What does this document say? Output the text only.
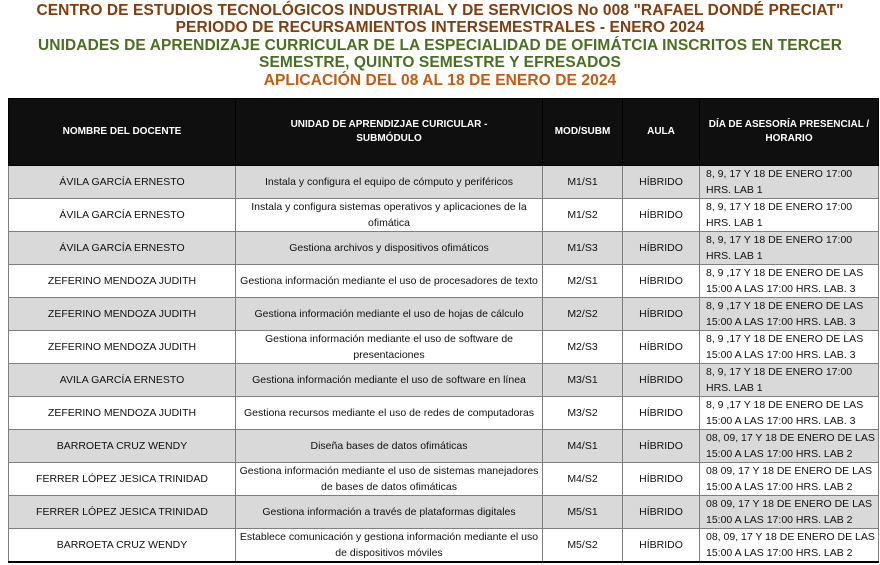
CENTRO DE ESTUDIOS TECNOLÓGICOS INDUSTRIAL Y DE SERVICIOS No 008 "RAFAEL DONDÉ PRECIAT"
PERIODO DE RECURSAMIENTOS INTERSEMESTRALES - ENERO 2024
UNIDADES DE APRENDIZAJE CURRICULAR DE LA ESPECIALIDAD DE OFIMÁTCIA INSCRITOS EN TERCER
SEMESTRE, QUINTO SEMESTRE Y EFRESADOS
APLICACIÓN DEL 08 AL 18 DE ENERO DE 2024
NOMBRE DEL DOCENTE	UNIDAD DE APRENDIZJAE CURICULAR - SUBMÓDULO	MOD/SUBM	AULA	DÍA DE ASESORÍA PRESENCIAL / HORARIO
ÁVILA GARCÍA ERNESTO	Instala y configura el equipo de cómputo y periféricos	M1/S1	HÍBRIDO	8, 9, 17 Y 18 DE ENERO 17:00 HRS. LAB 1
ÁVILA GARCÍA ERNESTO	Instala y configura sistemas operativos y aplicaciones de la ofimática	M1/S2	HÍBRIDO	8, 9, 17 Y 18 DE ENERO 17:00 HRS. LAB 1
ÁVILA GARCÍA ERNESTO	Gestiona archivos y dispositivos ofimáticos	M1/S3	HÍBRIDO	8, 9, 17 Y 18 DE ENERO 17:00 HRS. LAB 1
ZEFERINO MENDOZA JUDITH	Gestiona información mediante el uso de procesadores de texto	M2/S1	HÍBRIDO	8, 9 ,17 Y 18 DE ENERO DE LAS 15:00 A LAS 17:00 HRS. LAB. 3
ZEFERINO MENDOZA JUDITH	Gestiona información mediante el uso de hojas de cálculo	M2/S2	HÍBRIDO	8, 9 ,17 Y 18 DE ENERO DE LAS 15:00 A LAS 17:00 HRS. LAB. 3
ZEFERINO MENDOZA JUDITH	Gestiona información mediante el uso de software de presentaciones	M2/S3	HÍBRIDO	8, 9 ,17 Y 18 DE ENERO DE LAS 15:00 A LAS 17:00 HRS. LAB. 3
AVILA GARCÍA ERNESTO	Gestiona información mediante el uso de software en línea	M3/S1	HÍBRIDO	8, 9, 17 Y 18 DE ENERO 17:00 HRS. LAB 1
ZEFERINO MENDOZA JUDITH	Gestiona recursos mediante el uso de redes de computadoras	M3/S2	HÍBRIDO	8, 9 ,17 Y 18 DE ENERO DE LAS 15:00 A LAS 17:00 HRS. LAB. 3
BARROETA CRUZ WENDY	Diseña bases de datos ofimáticas	M4/S1	HÍBRIDO	08, 09, 17 Y 18 DE ENERO DE LAS 15:00 A LAS 17:00 HRS. LAB 2
FERRER LÓPEZ JESICA TRINIDAD	Gestiona información mediante el uso de sistemas manejadores de bases de datos ofimáticas	M4/S2	HÍBRIDO	08 09, 17 Y 18 DE ENERO DE LAS 15:00 A LAS 17:00 HRS. LAB 2
FERRER LÓPEZ JESICA TRINIDAD	Gestiona información a través de plataformas digitales	M5/S1	HÍBRIDO	08 09, 17 Y 18 DE ENERO DE LAS 15:00 A LAS 17:00 HRS. LAB 2
BARROETA CRUZ WENDY	Establece comunicación y gestiona información mediante el uso de dispositivos móviles	M5/S2	HÍBRIDO	08, 09, 17 Y 18 DE ENERO DE LAS 15:00 A LAS 17:00 HRS. LAB 2
